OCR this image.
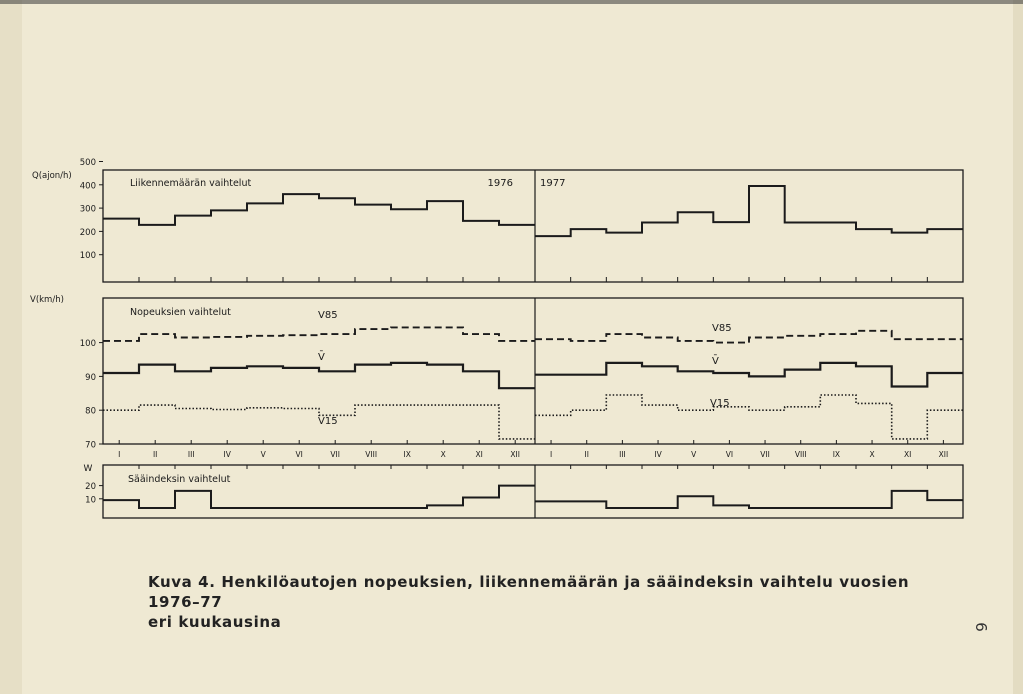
Q(ajon/h)
Liikennemäärän vaihtelut	1976	1977
100
200
300
400
500
V(km/h)
Nopeuksien vaihtelut
70
80
90
100
I	II	III	IV	V	VI	VII	VIII	IX	X	XI	XII	I	II	III	IV	V	VI	VII	VIII	IX	X	XI	XII
V85
V85
V̄	V̄
V15
V15
W
Sääindeksin vaihtelut
10
20
Kuva 4. Henkilöautojen nopeuksien, liikennemäärän ja sääindeksin vaihtelu vuosien 1976–77
eri kuukausina	6
